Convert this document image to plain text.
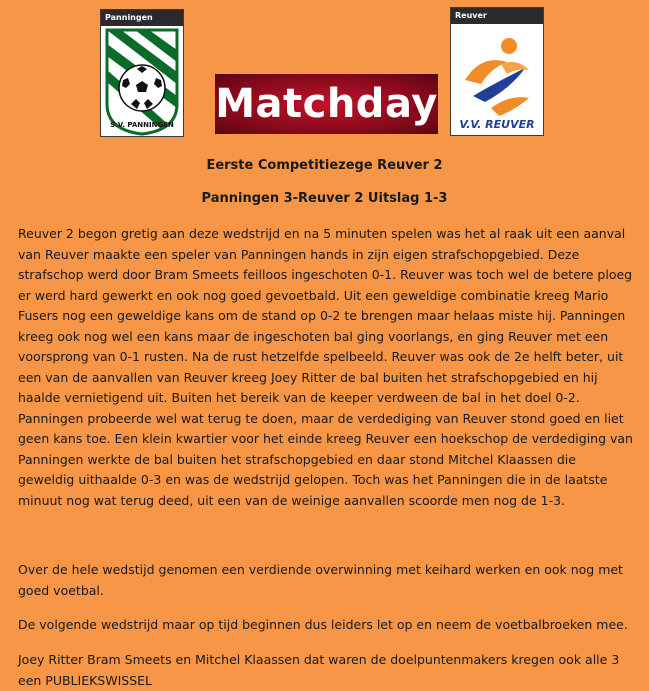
Panningen
S.V. PANNINGEN Matchday
Reuver
V.V. REUVER
Eerste Competitiezege Reuver 2
Panningen 3-Reuver 2 Uitslag 1-3
Reuver 2 begon gretig aan deze wedstrijd en na 5 minuten spelen was het al raak uit een aanval van Reuver maakte een speler van Panningen hands in zijn eigen strafschopgebied. Deze strafschop werd door Bram Smeets feilloos ingeschoten 0-1. Reuver was toch wel de betere ploeg er werd hard gewerkt en ook nog goed gevoetbald. Uit een geweldige combinatie kreeg Mario Fusers nog een geweldige kans om de stand op 0-2 te brengen maar helaas miste hij. Panningen kreeg ook nog wel een kans maar de ingeschoten bal ging voorlangs, en ging Reuver met een voorsprong van 0-1 rusten. Na de rust hetzelfde spelbeeld. Reuver was ook de 2e helft beter, uit een van de aanvallen van Reuver kreeg Joey Ritter de bal buiten het strafschopgebied en hij haalde vernietigend uit. Buiten het bereik van de keeper verdween de bal in het doel 0-2. Panningen probeerde wel wat terug te doen, maar de verdediging van Reuver stond goed en liet geen kans toe. Een klein kwartier voor het einde kreeg Reuver een hoekschop de verdediging van Panningen werkte de bal buiten het strafschopgebied en daar stond Mitchel Klaassen die geweldig uithaalde 0-3 en was de wedstrijd gelopen. Toch was het Panningen die in de laatste minuut nog wat terug deed, uit een van de weinige aanvallen scoorde men nog de 1-3.
Over de hele wedstijd genomen een verdiende overwinning met keihard werken en ook nog met goed voetbal.
De volgende wedstrijd maar op tijd beginnen dus leiders let op en neem de voetbalbroeken mee.
Joey Ritter Bram Smeets en Mitchel Klaassen dat waren de doelpuntenmakers kregen ook alle 3 een PUBLIEKSWISSEL
